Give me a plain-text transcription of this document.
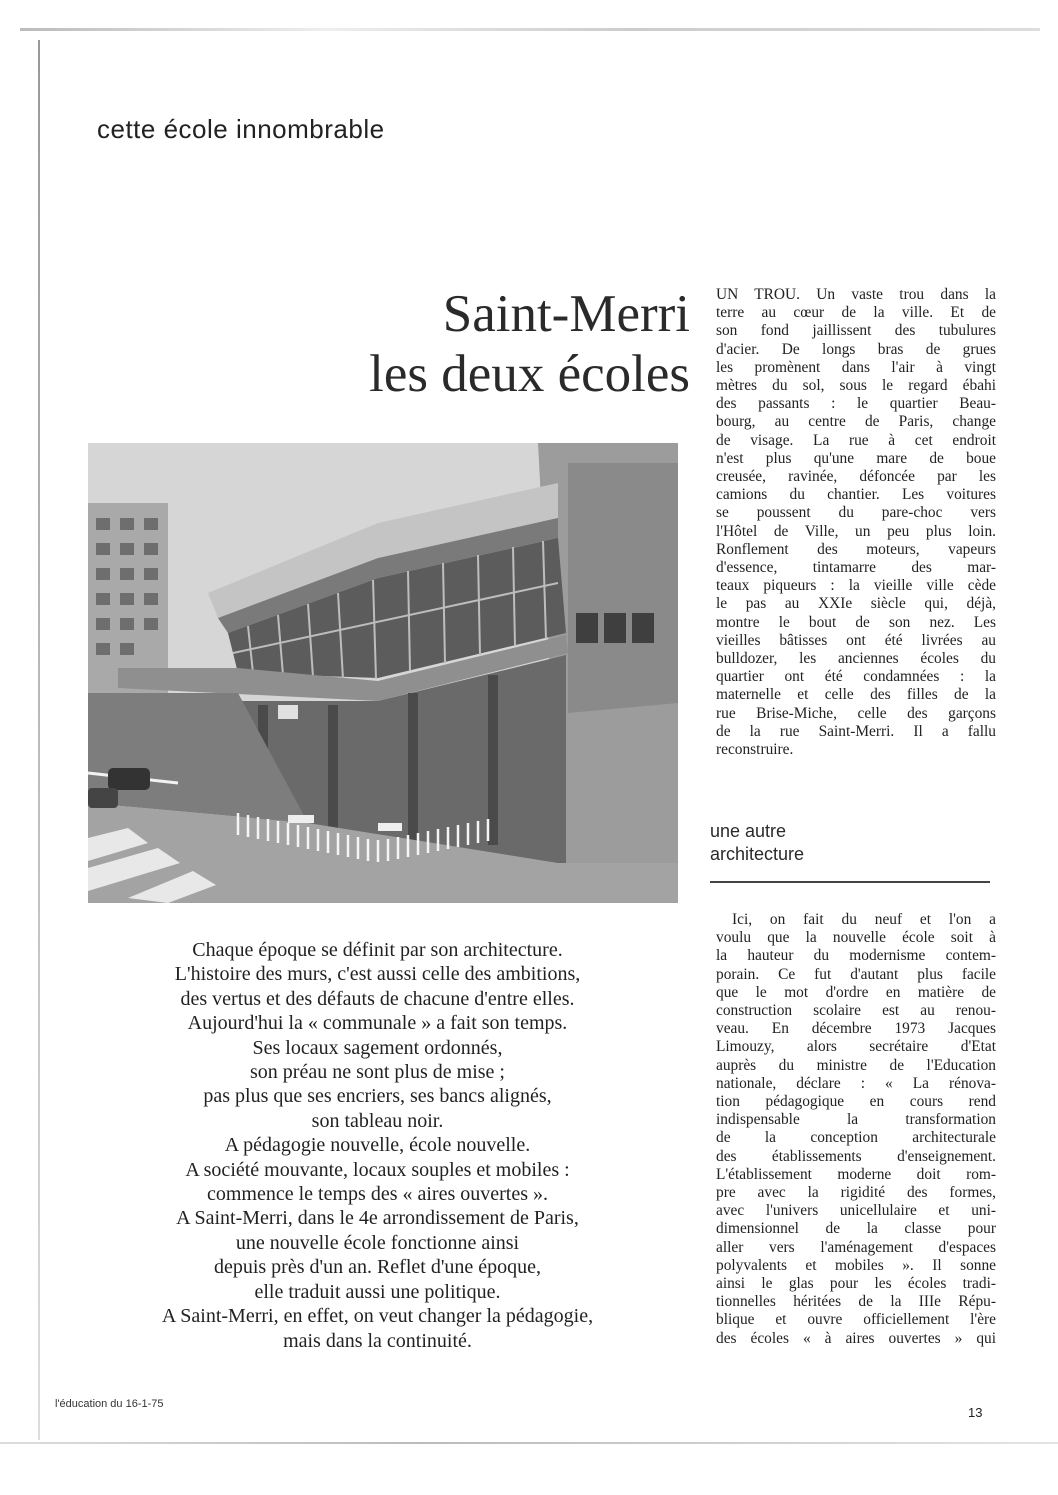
cette école innombrable
Saint-Merri
les deux écoles
Chaque époque se définit par son architecture.
L'histoire des murs, c'est aussi celle des ambitions,
des vertus et des défauts de chacune d'entre elles.
Aujourd'hui la « communale » a fait son temps.
Ses locaux sagement ordonnés,
son préau ne sont plus de mise ;
pas plus que ses encriers, ses bancs alignés,
son tableau noir.
A pédagogie nouvelle, école nouvelle.
A société mouvante, locaux souples et mobiles :
commence le temps des « aires ouvertes ».
A Saint-Merri, dans le 4e arrondissement de Paris,
une nouvelle école fonctionne ainsi
depuis près d'un an. Reflet d'une époque,
elle traduit aussi une politique.
A Saint-Merri, en effet, on veut changer la pédagogie,
mais dans la continuité.
UN TROU. Un vaste trou dans la
terre au cœur de la ville. Et de
son fond jaillissent des tubulures
d'acier. De longs bras de grues
les promènent dans l'air à vingt
mètres du sol, sous le regard ébahi
des passants : le quartier Beau-
bourg, au centre de Paris, change
de visage. La rue à cet endroit
n'est plus qu'une mare de boue
creusée, ravinée, défoncée par les
camions du chantier. Les voitures
se poussent du pare-choc vers
l'Hôtel de Ville, un peu plus loin.
Ronflement des moteurs, vapeurs
d'essence, tintamarre des mar-
teaux piqueurs : la vieille ville cède
le pas au XXIe siècle qui, déjà,
montre le bout de son nez. Les
vieilles bâtisses ont été livrées au
bulldozer, les anciennes écoles du
quartier ont été condamnées : la
maternelle et celle des filles de la
rue Brise-Miche, celle des garçons
de la rue Saint-Merri. Il a fallu
reconstruire.
une autre
architecture
Ici, on fait du neuf et l'on a
voulu que la nouvelle école soit à
la hauteur du modernisme contem-
porain. Ce fut d'autant plus facile
que le mot d'ordre en matière de
construction scolaire est au renou-
veau. En décembre 1973 Jacques
Limouzy, alors secrétaire d'Etat
auprès du ministre de l'Education
nationale, déclare : « La rénova-
tion pédagogique en cours rend
indispensable la transformation
de la conception architecturale
des établissements d'enseignement.
L'établissement moderne doit rom-
pre avec la rigidité des formes,
avec l'univers unicellulaire et uni-
dimensionnel de la classe pour
aller vers l'aménagement d'espaces
polyvalents et mobiles ». Il sonne
ainsi le glas pour les écoles tradi-
tionnelles héritées de la IIIe Répu-
blique et ouvre officiellement l'ère
des écoles « à aires ouvertes » qui
l'éducation du 16-1-75
13
